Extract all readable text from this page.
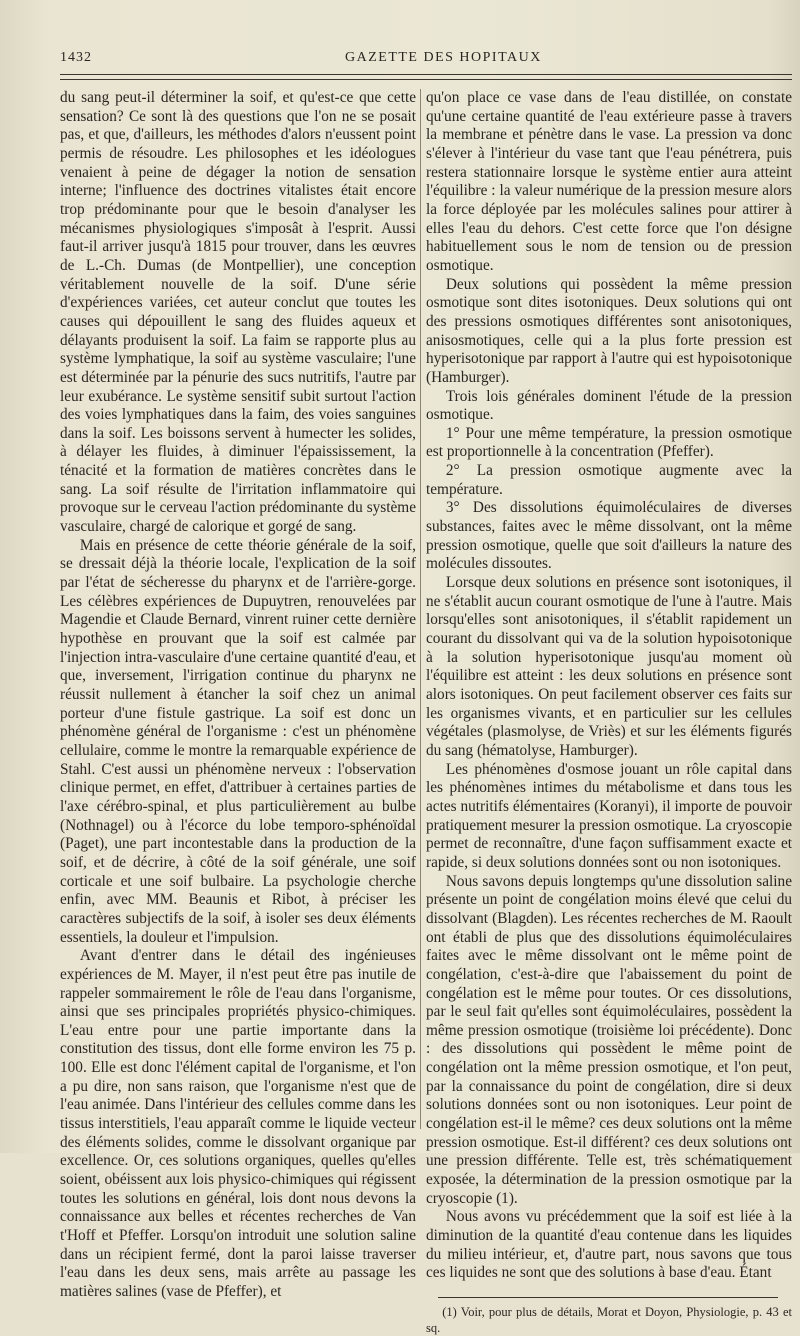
1432	GAZETTE DES HOPITAUX

du sang peut-il déterminer la soif, et qu'est-ce que cette sensation? Ce sont là des questions que l'on ne se posait pas, et que, d'ailleurs, les méthodes d'alors n'eussent point permis de résoudre. Les philosophes et les idéologues venaient à peine de dégager la notion de sensation interne; l'influence des doctrines vitalistes était encore trop prédominante pour que le besoin d'analyser les mécanismes physiologiques s'imposât à l'esprit. Aussi faut-il arriver jusqu'à 1815 pour trouver, dans les œuvres de L.-Ch. Dumas (de Montpellier), une conception véritablement nouvelle de la soif. D'une série d'expériences variées, cet auteur conclut que toutes les causes qui dépouillent le sang des fluides aqueux et délayants produisent la soif. La faim se rapporte plus au système lymphatique, la soif au système vasculaire; l'une est déterminée par la pénurie des sucs nutritifs, l'autre par leur exubérance. Le système sensitif subit surtout l'action des voies lymphatiques dans la faim, des voies sanguines dans la soif. Les boissons servent à humecter les solides, à délayer les fluides, à diminuer l'épaississement, la ténacité et la formation de matières concrètes dans le sang. La soif résulte de l'irritation inflammatoire qui provoque sur le cerveau l'action prédominante du système vasculaire, chargé de calorique et gorgé de sang.

Mais en présence de cette théorie générale de la soif, se dressait déjà la théorie locale, l'explication de la soif par l'état de sécheresse du pharynx et de l'arrière-gorge. Les célèbres expériences de Dupuytren, renouvelées par Magendie et Claude Bernard, vinrent ruiner cette dernière hypothèse en prouvant que la soif est calmée par l'injection intra-vasculaire d'une certaine quantité d'eau, et que, inversement, l'irrigation continue du pharynx ne réussit nullement à étancher la soif chez un animal porteur d'une fistule gastrique. La soif est donc un phénomène général de l'organisme : c'est un phénomène cellulaire, comme le montre la remarquable expérience de Stahl. C'est aussi un phénomène nerveux : l'observation clinique permet, en effet, d'attribuer à certaines parties de l'axe cérébro-spinal, et plus particulièrement au bulbe (Nothnagel) ou à l'écorce du lobe temporo-sphénoïdal (Paget), une part incontestable dans la production de la soif, et de décrire, à côté de la soif générale, une soif corticale et une soif bulbaire. La psychologie cherche enfin, avec MM. Beaunis et Ribot, à préciser les caractères subjectifs de la soif, à isoler ses deux éléments essentiels, la douleur et l'impulsion.

Avant d'entrer dans le détail des ingénieuses expériences de M. Mayer, il n'est peut être pas inutile de rappeler sommairement le rôle de l'eau dans l'organisme, ainsi que ses principales propriétés physico-chimiques. L'eau entre pour une partie importante dans la constitution des tissus, dont elle forme environ les 75 p. 100. Elle est donc l'élément capital de l'organisme, et l'on a pu dire, non sans raison, que l'organisme n'est que de l'eau animée. Dans l'intérieur des cellules comme dans les tissus interstitiels, l'eau apparaît comme le liquide vecteur des éléments solides, comme le dissolvant organique par excellence. Or, ces solutions organiques, quelles qu'elles soient, obéissent aux lois physico-chimiques qui régissent toutes les solutions en général, lois dont nous devons la connaissance aux belles et récentes recherches de Van t'Hoff et Pfeffer. Lorsqu'on introduit une solution saline dans un récipient fermé, dont la paroi laisse traverser l'eau dans les deux sens, mais arrête au passage les matières salines (vase de Pfeffer), et

qu'on place ce vase dans de l'eau distillée, on constate qu'une certaine quantité de l'eau extérieure passe à travers la membrane et pénètre dans le vase. La pression va donc s'élever à l'intérieur du vase tant que l'eau pénétrera, puis restera stationnaire lorsque le système entier aura atteint l'équilibre : la valeur numérique de la pression mesure alors la force déployée par les molécules salines pour attirer à elles l'eau du dehors. C'est cette force que l'on désigne habituellement sous le nom de tension ou de pression osmotique.

Deux solutions qui possèdent la même pression osmotique sont dites isotoniques. Deux solutions qui ont des pressions osmotiques différentes sont anisotoniques, anisosmotiques, celle qui a la plus forte pression est hyperisotonique par rapport à l'autre qui est hypoisotonique (Hamburger).

Trois lois générales dominent l'étude de la pression osmotique.

1° Pour une même température, la pression osmotique est proportionnelle à la concentration (Pfeffer).

2° La pression osmotique augmente avec la température.

3° Des dissolutions équimoléculaires de diverses substances, faites avec le même dissolvant, ont la même pression osmotique, quelle que soit d'ailleurs la nature des molécules dissoutes.

Lorsque deux solutions en présence sont isotoniques, il ne s'établit aucun courant osmotique de l'une à l'autre. Mais lorsqu'elles sont anisotoniques, il s'établit rapidement un courant du dissolvant qui va de la solution hypoisotonique à la solution hyperisotonique jusqu'au moment où l'équilibre est atteint : les deux solutions en présence sont alors isotoniques. On peut facilement observer ces faits sur les organismes vivants, et en particulier sur les cellules végétales (plasmolyse, de Vriès) et sur les éléments figurés du sang (hématolyse, Hamburger).

Les phénomènes d'osmose jouant un rôle capital dans les phénomènes intimes du métabolisme et dans tous les actes nutritifs élémentaires (Koranyi), il importe de pouvoir pratiquement mesurer la pression osmotique. La cryoscopie permet de reconnaître, d'une façon suffisamment exacte et rapide, si deux solutions données sont ou non isotoniques.

Nous savons depuis longtemps qu'une dissolution saline présente un point de congélation moins élevé que celui du dissolvant (Blagden). Les récentes recherches de M. Raoult ont établi de plus que des dissolutions équimoléculaires faites avec le même dissolvant ont le même point de congélation, c'est-à-dire que l'abaissement du point de congélation est le même pour toutes. Or ces dissolutions, par le seul fait qu'elles sont équimoléculaires, possèdent la même pression osmotique (troisième loi précédente). Donc : des dissolutions qui possèdent le même point de congélation ont la même pression osmotique, et l'on peut, par la connaissance du point de congélation, dire si deux solutions données sont ou non isotoniques. Leur point de congélation est-il le même? ces deux solutions ont la même pression osmotique. Est-il différent? ces deux solutions ont une pression différente. Telle est, très schématiquement exposée, la détermination de la pression osmotique par la cryoscopie (1).

Nous avons vu précédemment que la soif est liée à la diminution de la quantité d'eau contenue dans les liquides du milieu intérieur, et, d'autre part, nous savons que tous ces liquides ne sont que des solutions à base d'eau. Étant

(1) Voir, pour plus de détails, Morat et Doyon, Physiologie, p. 43 et sq.
